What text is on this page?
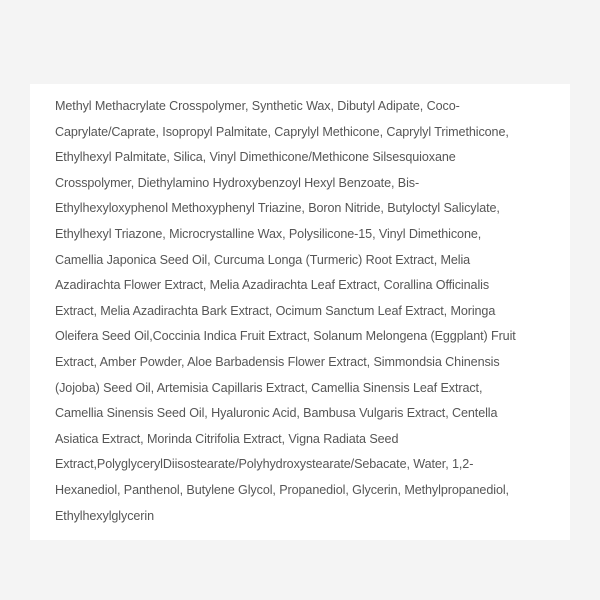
Methyl Methacrylate Crosspolymer, Synthetic Wax, Dibutyl Adipate, Coco-
Caprylate/Caprate, Isopropyl Palmitate, Caprylyl Methicone, Caprylyl Trimethicone,
Ethylhexyl Palmitate, Silica, Vinyl Dimethicone/Methicone Silsesquioxane
Crosspolymer, Diethylamino Hydroxybenzoyl Hexyl Benzoate, Bis-
Ethylhexyloxyphenol Methoxyphenyl Triazine, Boron Nitride, Butyloctyl Salicylate,
Ethylhexyl Triazone, Microcrystalline Wax, Polysilicone-15, Vinyl Dimethicone,
Camellia Japonica Seed Oil, Curcuma Longa (Turmeric) Root Extract, Melia
Azadirachta Flower Extract, Melia Azadirachta Leaf Extract, Corallina Officinalis
Extract, Melia Azadirachta Bark Extract, Ocimum Sanctum Leaf Extract, Moringa
Oleifera Seed Oil,Coccinia Indica Fruit Extract, Solanum Melongena (Eggplant) Fruit
Extract, Amber Powder, Aloe Barbadensis Flower Extract, Simmondsia Chinensis
(Jojoba) Seed Oil, Artemisia Capillaris Extract, Camellia Sinensis Leaf Extract,
Camellia Sinensis Seed Oil, Hyaluronic Acid, Bambusa Vulgaris Extract, Centella
Asiatica Extract, Morinda Citrifolia Extract, Vigna Radiata Seed
Extract,PolyglycerylDiisostearate/Polyhydroxystearate/Sebacate, Water, 1,2-
Hexanediol, Panthenol, Butylene Glycol, Propanediol, Glycerin, Methylpropanediol,
Ethylhexylglycerin
